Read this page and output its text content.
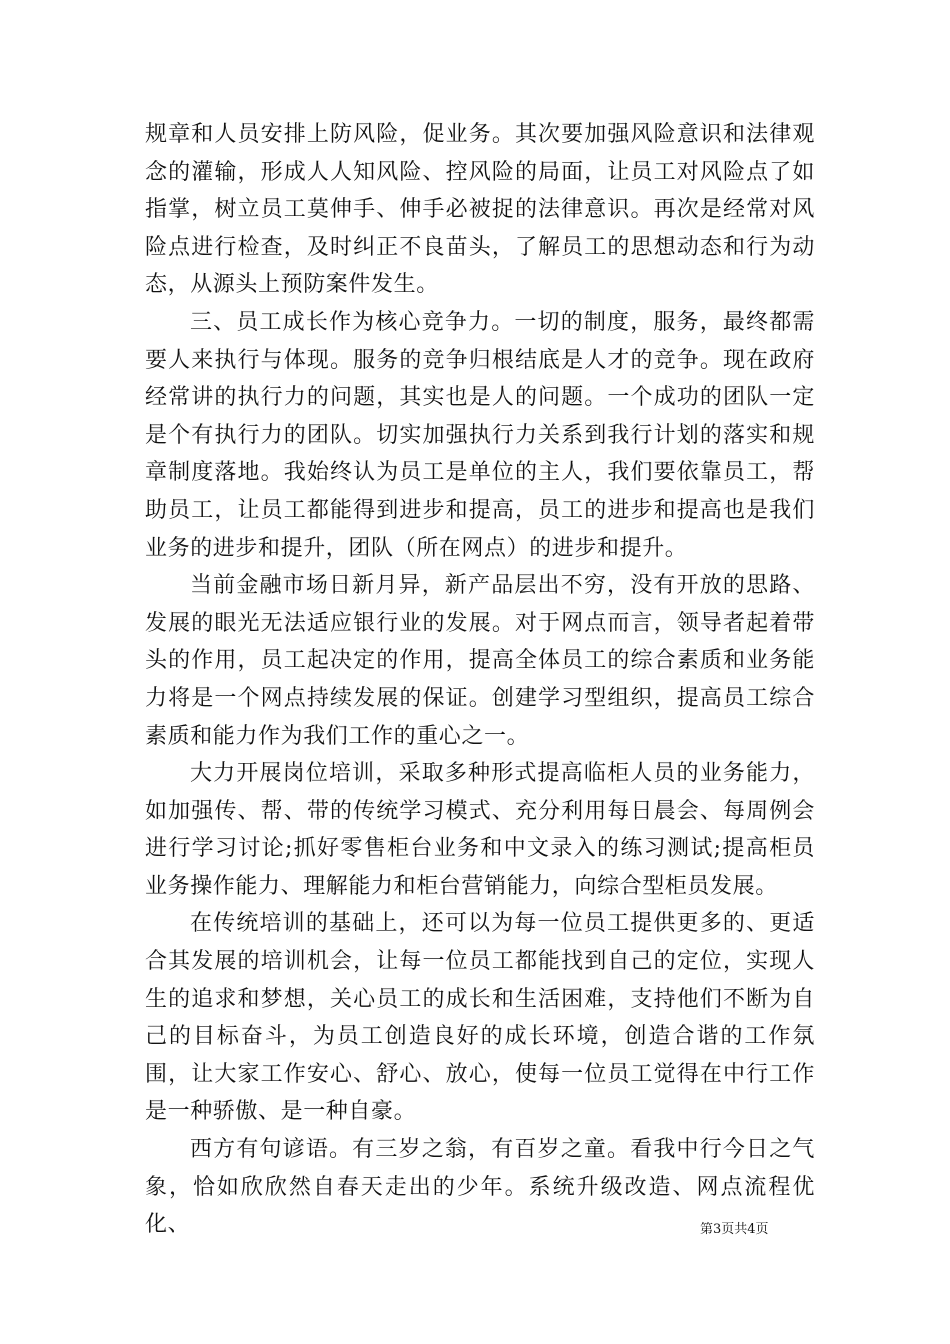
规章和人员安排上防风险，促业务。其次要加强风险意识和法律观念的灌输，形成人人知风险、控风险的局面，让员工对风险点了如指掌，树立员工莫伸手、伸手必被捉的法律意识。再次是经常对风险点进行检查，及时纠正不良苗头，了解员工的思想动态和行为动态，从源头上预防案件发生。

三、员工成长作为核心竞争力。一切的制度，服务，最终都需要人来执行与体现。服务的竞争归根结底是人才的竞争。现在政府经常讲的执行力的问题，其实也是人的问题。一个成功的团队一定是个有执行力的团队。切实加强执行力关系到我行计划的落实和规章制度落地。我始终认为员工是单位的主人，我们要依靠员工，帮助员工，让员工都能得到进步和提高，员工的进步和提高也是我们业务的进步和提升，团队（所在网点）的进步和提升。

当前金融市场日新月异，新产品层出不穷，没有开放的思路、发展的眼光无法适应银行业的发展。对于网点而言，领导者起着带头的作用，员工起决定的作用，提高全体员工的综合素质和业务能力将是一个网点持续发展的保证。创建学习型组织，提高员工综合素质和能力作为我们工作的重心之一。

大力开展岗位培训，采取多种形式提高临柜人员的业务能力，如加强传、帮、带的传统学习模式、充分利用每日晨会、每周例会进行学习讨论;抓好零售柜台业务和中文录入的练习测试;提高柜员业务操作能力、理解能力和柜台营销能力，向综合型柜员发展。

在传统培训的基础上，还可以为每一位员工提供更多的、更适合其发展的培训机会，让每一位员工都能找到自己的定位，实现人生的追求和梦想，关心员工的成长和生活困难，支持他们不断为自己的目标奋斗，为员工创造良好的成长环境，创造合谐的工作氛围，让大家工作安心、舒心、放心，使每一位员工觉得在中行工作是一种骄傲、是一种自豪。

西方有句谚语。有三岁之翁，有百岁之童。看我中行今日之气象，恰如欣欣然自春天走出的少年。系统升级改造、网点流程优化、	第3页共4页
